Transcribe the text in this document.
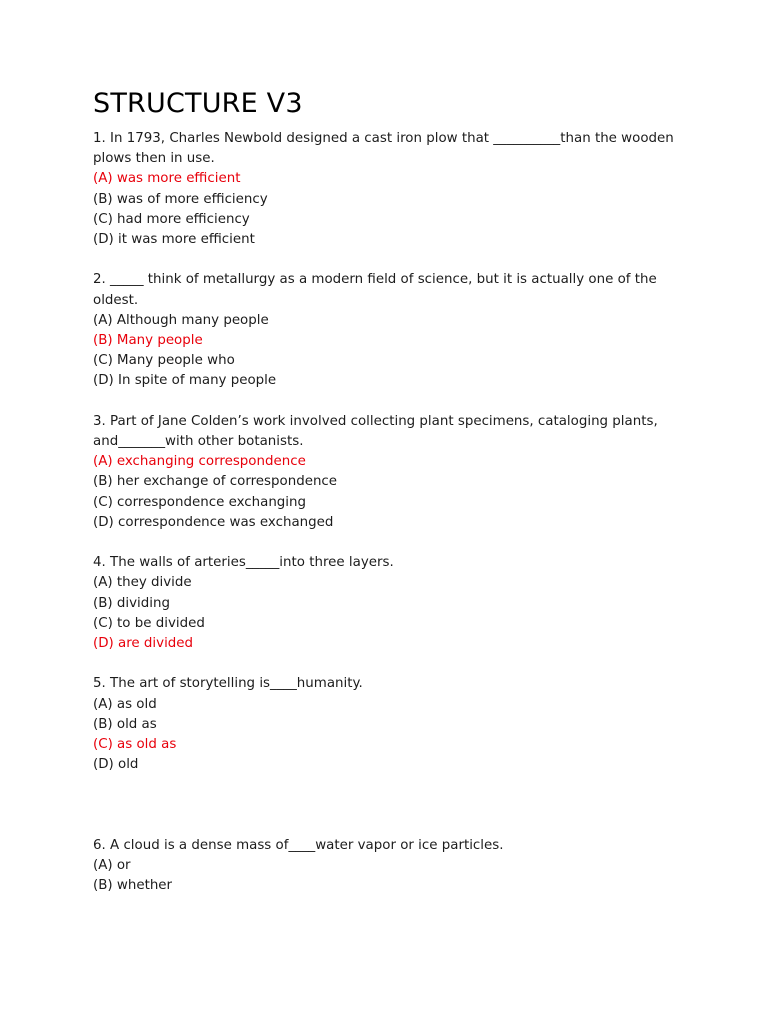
STRUCTURE V3

1. In 1793, Charles Newbold designed a cast iron plow that __________than the wooden plows then in use.

(A) was more efficient

(B) was of more efficiency

(C) had more efficiency

(D) it was more efficient

2. _____ think of metallurgy as a modern field of science, but it is actually one of the oldest.

(A) Although many people

(B) Many people

(C) Many people who

(D) In spite of many people

3. Part of Jane Colden’s work involved collecting plant specimens, cataloging plants, and_______with other botanists.

(A) exchanging correspondence

(B) her exchange of correspondence

(C) correspondence exchanging

(D) correspondence was exchanged

4. The walls of arteries_____into three layers.

(A) they divide

(B) dividing

(C) to be divided

(D) are divided

5. The art of storytelling is____humanity.

(A) as old

(B) old as

(C) as old as

(D) old

6. A cloud is a dense mass of____water vapor or ice particles.

(A) or

(B) whether
